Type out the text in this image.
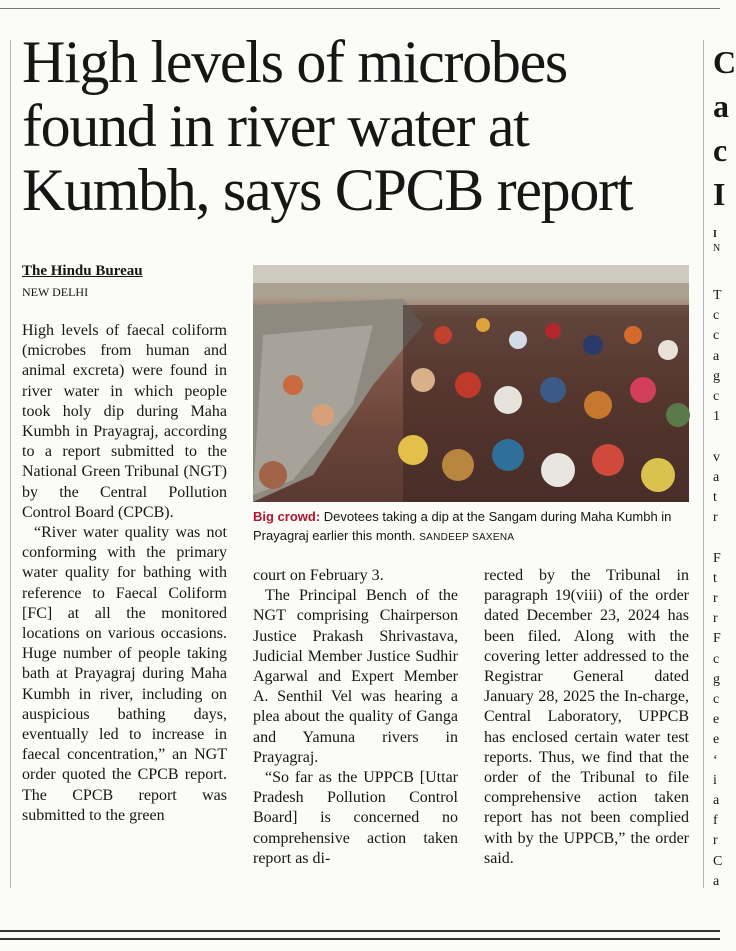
High levels of microbes found in river water at Kumbh, says CPCB report
The Hindu Bureau
NEW DELHI

Big crowd: Devotees taking a dip at the Sangam during Maha Kumbh in Prayagraj earlier this month. SANDEEP SAXENA

High levels of faecal coliform (microbes from human and animal excreta) were found in river water in which people took holy dip during Maha Kumbh in Prayagraj, according to a report submitted to the National Green Tribunal (NGT) by the Central Pollution Control Board (CPCB).

“River water quality was not conforming with the primary water quality for bathing with reference to Faecal Coliform [FC] at all the monitored locations on various occasions. Huge number of people taking bath at Prayagraj during Maha Kumbh in river, including on auspicious bathing days, eventually led to increase in faecal concentration,” an NGT order quoted the CPCB report. The CPCB report was submitted to the green

court on February 3.

The Principal Bench of the NGT comprising Chairperson Justice Prakash Shrivastava, Judicial Member Justice Sudhir Agarwal and Expert Member A. Senthil Vel was hearing a plea about the quality of Ganga and Yamuna rivers in Prayagraj.

“So far as the UPPCB [Uttar Pradesh Pollution Control Board] is concerned no comprehensive action taken report as di-

rected by the Tribunal in paragraph 19(viii) of the order dated December 23, 2024 has been filed. Along with the covering letter addressed to the Registrar General dated January 28, 2025 the In-charge, Central Laboratory, UPPCB has enclosed certain water test reports. Thus, we find that the order of the Tribunal to file comprehensive action taken report has not been complied with by the UPPCB,” the order said.

C
a
c
I
I
N
T
c
c
a
g
c
1

v
a
t
r

F
t
r
r
F
c
g
c
e
e
‘
i
a
f
r
C
a
